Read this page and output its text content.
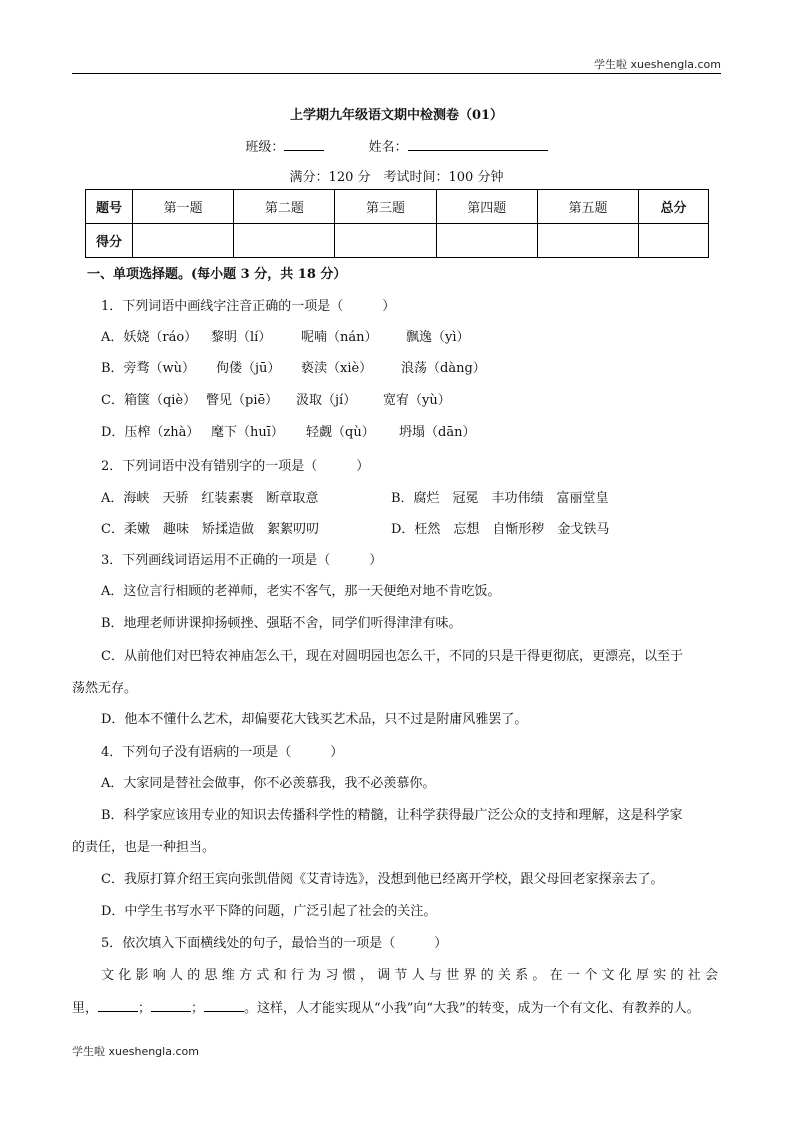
学生啦 xueshengla.com
上学期九年级语文期中检测卷（01）
班级：	姓名：
满分：120 分　考试时间：100 分钟
题号	第一题	第二题	第三题	第四题	第五题	总分
得分						
一、单项选择题。(每小题 3 分，共 18 分）
1．下列词语中画线字注音正确的一项是（　　　）
A．妖娆（ráo） 黎明（lí） 呢喃（nán） 飘逸（yì）
B．旁骛（wù） 佝偻（jū） 亵渎（xiè） 浪荡（dàng）
C．箱箧（qiè） 瞥见（piē） 汲取（jí） 宽宥（yù）
D．压榨（zhà） 麾下（huī） 轻觑（qù） 坍塌（dān）
2．下列词语中没有错别字的一项是（　　　）
A．海峡　天骄　红装素裹　断章取意	B．腐烂　冠冕　丰功伟绩　富丽堂皇
C．柔嫩　趣味　矫揉造做　絮絮叨叨	D．枉然　忘想　自惭形秽　金戈铁马
3．下列画线词语运用不正确的一项是（　　　）
A．这位言行相顾的老禅师，老实不客气，那一天便绝对地不肯吃饭。
B．地理老师讲课抑扬顿挫、强聒不舍，同学们听得津津有味。
C．从前他们对巴特农神庙怎么干，现在对圆明园也怎么干，不同的只是干得更彻底，更漂亮，以至于
荡然无存。
D．他本不懂什么艺术，却偏要花大钱买艺术品，只不过是附庸风雅罢了。
4．下列句子没有语病的一项是（　　　）
A．大家同是替社会做事，你不必羡慕我，我不必羡慕你。
B．科学家应该用专业的知识去传播科学性的精髓，让科学获得最广泛公众的支持和理解，这是科学家
的责任，也是一种担当。
C．我原打算介绍王宾向张凯借阅《艾青诗选》，没想到他已经离开学校，跟父母回老家探亲去了。
D．中学生书写水平下降的问题，广泛引起了社会的关注。
5．依次填入下面横线处的句子，最恰当的一项是（　　　）
文化影响人的思维方式和行为习惯，调节人与世界的关系。在一个文化厚实的社会
里，	；	；	。这样，人才能实现从“小我”向“大我”的转变，成为一个有文化、有教养的人。
学生啦 xueshengla.com
